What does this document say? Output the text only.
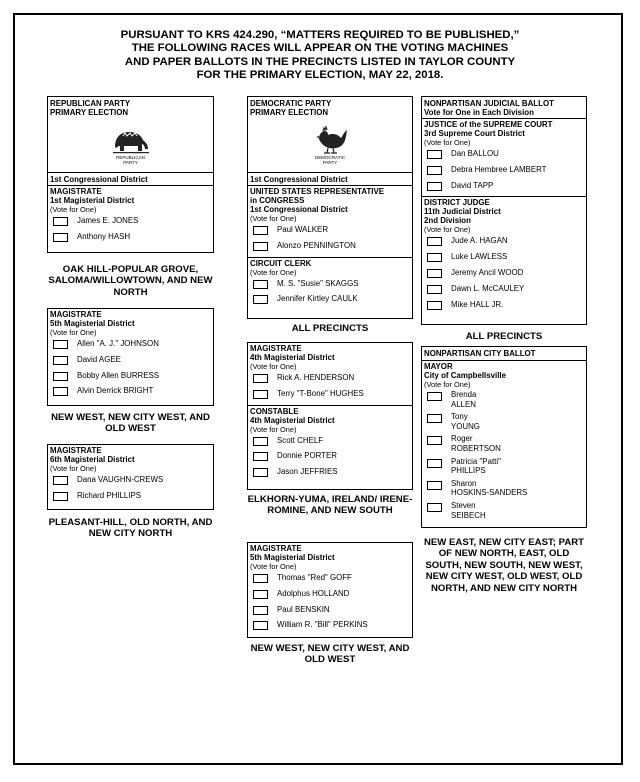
PURSUANT TO KRS 424.290, “MATTERS REQUIRED TO BE PUBLISHED,”
THE FOLLOWING RACES WILL APPEAR ON THE VOTING MACHINES
AND PAPER BALLOTS IN THE PRECINCTS LISTED IN TAYLOR COUNTY
FOR THE PRIMARY ELECTION, MAY 22, 2018.
REPUBLICAN PARTY
PRIMARY ELECTION
REPUBLICAN
PARTY
1st Congressional District
MAGISTRATE
1st Magisterial District
(Vote for One)
James E. JONES
Anthony HASH
OAK HILL-POPULAR GROVE, SALOMA/WILLOWTOWN, AND NEW NORTH
MAGISTRATE
5th Magisterial District
(Vote for One)
Allen "A. J." JOHNSON
David AGEE
Bobby Allen BURRESS
Alvin Derrick BRIGHT
NEW WEST, NEW CITY WEST, AND OLD WEST
MAGISTRATE
6th Magisterial District
(Vote for One)
Dana VAUGHN-CREWS
Richard PHILLIPS
PLEASANT-HILL, OLD NORTH, AND NEW CITY NORTH
DEMOCRATIC PARTY
PRIMARY ELECTION
DEMOCRATIC
PARTY
1st Congressional District
UNITED STATES REPRESENTATIVE
in CONGRESS
1st Congressional District
(Vote for One)
Paul WALKER
Alonzo PENNINGTON
CIRCUIT CLERK
(Vote for One)
M. S. "Susie" SKAGGS
Jennifer Kirtley CAULK
ALL PRECINCTS
MAGISTRATE
4th Magisterial District
(Vote for One)
Rick A. HENDERSON
Terry "T-Bone" HUGHES
CONSTABLE
4th Magisterial District
(Vote for One)
Scott CHELF
Donnie PORTER
Jason JEFFRIES
ELKHORN-YUMA, IRELAND/ IRENE-ROMINE, AND NEW SOUTH
MAGISTRATE
5th Magisterial District
(Vote for One)
Thomas "Red" GOFF
Adolphus HOLLAND
Paul BENSKIN
William R. "Bill" PERKINS
NEW WEST, NEW CITY WEST, AND OLD WEST
NONPARTISAN JUDICIAL BALLOT
Vote for One in Each Division
JUSTICE of the SUPREME COURT
3rd Supreme Court District
(Vote for One)
Dan BALLOU
Debra Hembree LAMBERT
David TAPP
DISTRICT JUDGE
11th Judicial District
2nd Division
(Vote for One)
Jude A. HAGAN
Luke LAWLESS
Jeremy Ancil WOOD
Dawn L. McCAULEY
Mike HALL JR.
ALL PRECINCTS
NONPARTISAN CITY BALLOT
MAYOR
City of Campbellsville
(Vote for One)
Brenda
ALLEN
Tony
YOUNG
Roger
ROBERTSON
Patricia "Patti"
PHILLIPS
Sharon
HOSKINS-SANDERS
Steven
SEIBECH
NEW EAST, NEW CITY EAST; PART OF NEW NORTH, EAST, OLD SOUTH, NEW SOUTH, NEW WEST, NEW CITY WEST, OLD WEST, OLD NORTH, AND NEW CITY NORTH
